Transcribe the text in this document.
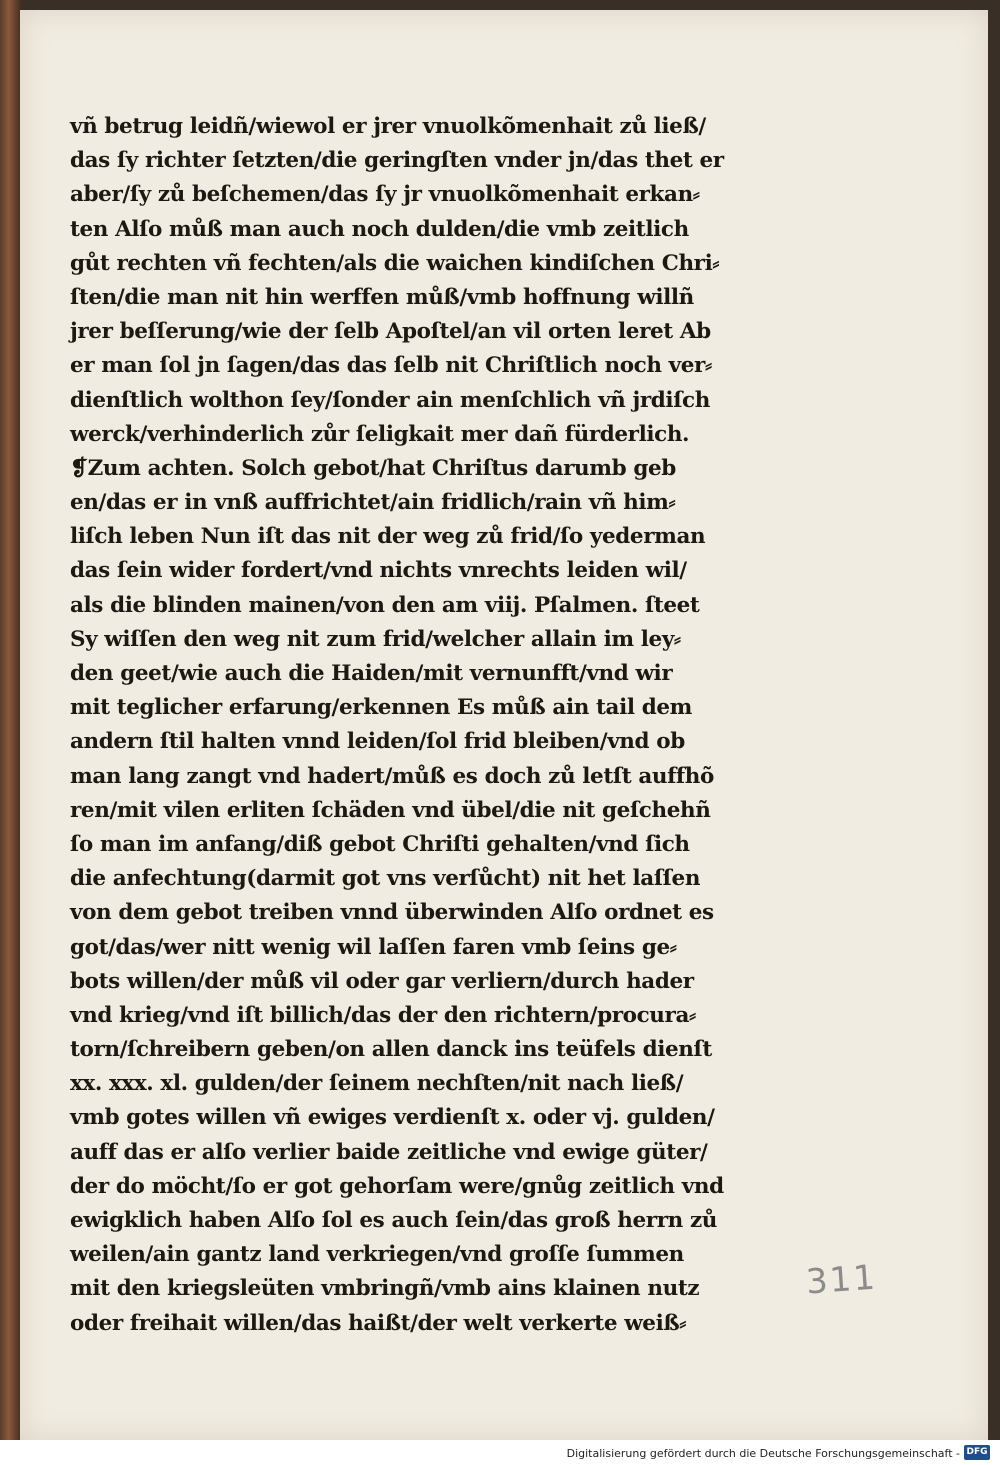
vñ betrug leidñ/wiewol er jrer vnuolkõmenhait zů ließ/
das ſy richter ſetzten/die geringſten vnder jn/das thet er
aber/ſy zů beſchemen/das ſy jr vnuolkõmenhait erkan⸗
ten Alſo můß man auch noch dulden/die vmb zeitlich
gůt rechten vñ fechten/als die waichen kindiſchen Chri⸗
ſten/die man nit hin werffen můß/vmb hoffnung willñ
jrer beſſerung/wie der ſelb Apoſtel/an vil orten leret Ab
er man ſol jn ſagen/das das ſelb nit Chriſtlich noch ver⸗
dienſtlich wolthon ſey/ſonder ain menſchlich vñ jrdiſch
werck/verhinderlich zůr ſeligkait mer dañ fürderlich.
❡Zum achten. Solch gebot/hat Chriſtus darumb geb
en/das er in vnß auffrichtet/ain fridlich/rain vñ him⸗
liſch leben Nun iſt das nit der weg zů frid/ſo yederman
das ſein wider fordert/vnd nichts vnrechts leiden wil/
als die blinden mainen/von den am viij. Pſalmen. ſteet
Sy wiſſen den weg nit zum frid/welcher allain im ley⸗
den geet/wie auch die Haiden/mit vernunfft/vnd wir
mit teglicher erfarung/erkennen Es můß ain tail dem
andern ſtil halten vnnd leiden/ſol frid bleiben/vnd ob
man lang zangt vnd hadert/můß es doch zů letſt auffhõ
ren/mit vilen erliten ſchäden vnd übel/die nit geſchehñ
ſo man im anfang/diß gebot Chriſti gehalten/vnd ſich
die anfechtung(darmit got vns verſůcht) nit het laſſen
von dem gebot treiben vnnd überwinden Alſo ordnet es
got/das/wer nitt wenig wil laſſen faren vmb ſeins ge⸗
bots willen/der můß vil oder gar verliern/durch hader
vnd krieg/vnd iſt billich/das der den richtern/procura⸗
torn/ſchreibern geben/on allen danck ins teüfels dienſt
xx. xxx. xl. gulden/der ſeinem nechſten/nit nach ließ/
vmb gotes willen vñ ewiges verdienſt x. oder vj. gulden/
auff das er alſo verlier baide zeitliche vnd ewige güter/
der do möcht/ſo er got gehorſam were/gnůg zeitlich vnd
ewigklich haben Alſo ſol es auch ſein/das groß herrn zů
weilen/ain gantz land verkriegen/vnd groſſe ſummen
mit den kriegsleüten vmbringñ/vmb ains klainen nutz
oder freihait willen/das haißt/der welt verkerte weiß⸗
311
Digitalisierung gefördert durch die Deutsche Forschungsgemeinschaft - DFG
